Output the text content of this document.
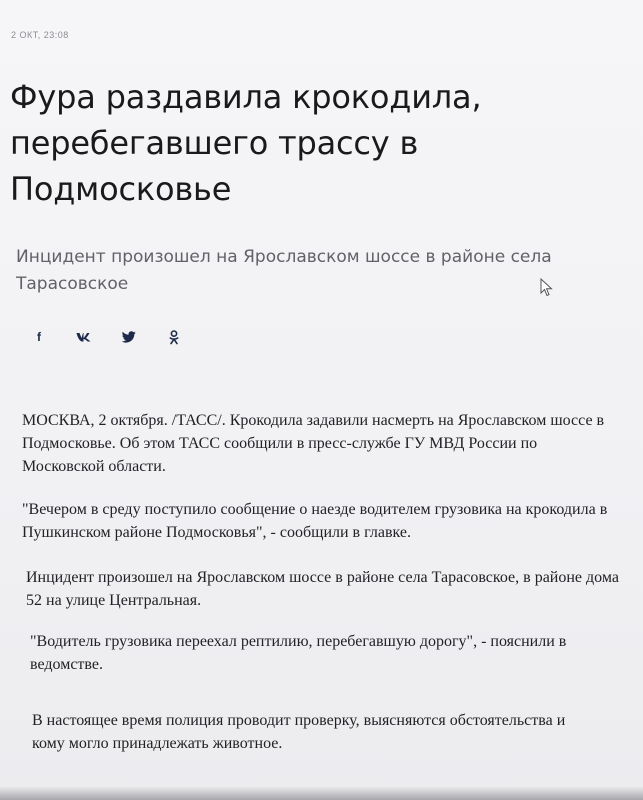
2 ОКТ, 23:08
Фура раздавила крокодила, перебегавшего трассу в Подмосковье

Инцидент произошел на Ярославском шоссе в районе села Тарасовское

f

МОСКВА, 2 октября. /ТАСС/. Крокодила задавили насмерть на Ярославском шоссе в Подмосковье. Об этом ТАСС сообщили в пресс-службе ГУ МВД России по Московской области.

"Вечером в среду поступило сообщение о наезде водителем грузовика на крокодила в Пушкинском районе Подмосковья", - сообщили в главке.

Инцидент произошел на Ярославском шоссе в районе села Тарасовское, в районе дома 52 на улице Центральная.

"Водитель грузовика переехал рептилию, перебегавшую дорогу", - пояснили в ведомстве.

В настоящее время полиция проводит проверку, выясняются обстоятельства и кому могло принадлежать животное.
